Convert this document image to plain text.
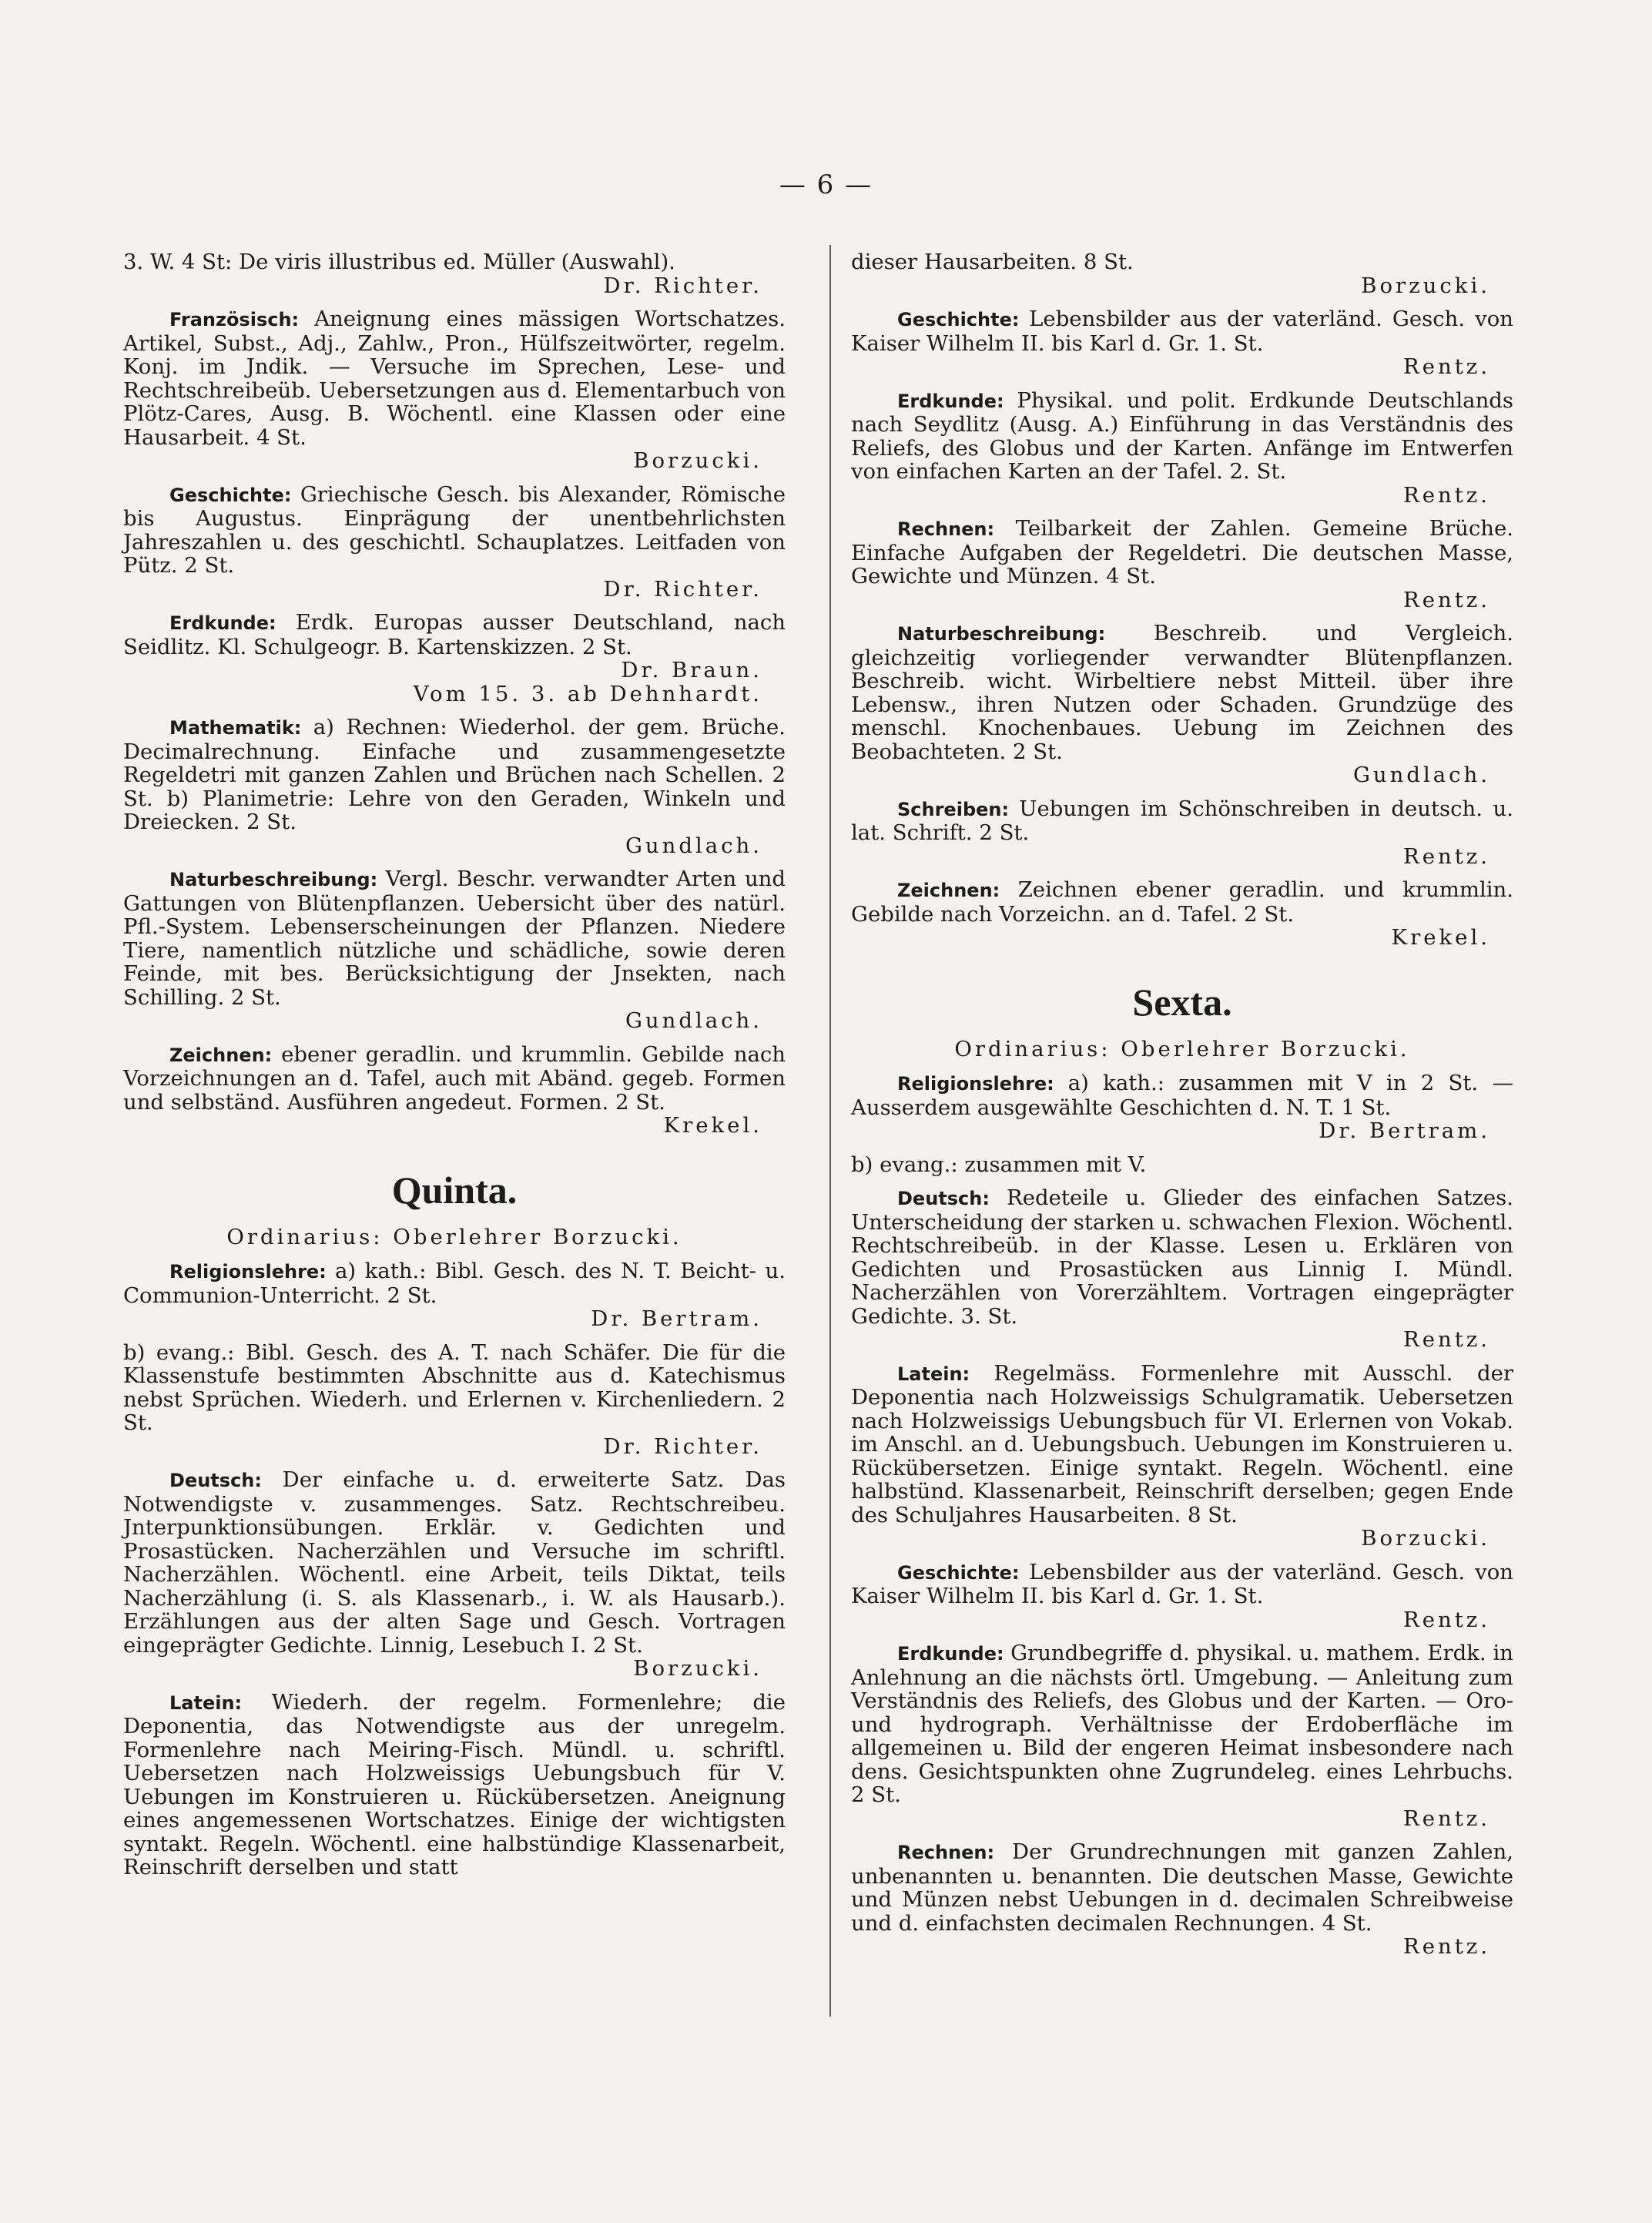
— 6 —

3. W. 4 St: De viris illustribus ed. Müller (Auswahl).
Dr. Richter.

Französisch: Aneignung eines mässigen Wortschatzes. Artikel, Subst., Adj., Zahlw., Pron., Hülfszeitwörter, regelm. Konj. im Jndik. — Versuche im Sprechen, Lese- und Rechtschreibeüb. Uebersetzungen aus d. Elementarbuch von Plötz-Cares, Ausg. B. Wöchentl. eine Klassen oder eine Hausarbeit. 4 St.
Borzucki.

Geschichte: Griechische Gesch. bis Alexander, Römische bis Augustus. Einprägung der unentbehrlichsten Jahreszahlen u. des geschichtl. Schauplatzes. Leitfaden von Pütz. 2 St.
Dr. Richter.

Erdkunde: Erdk. Europas ausser Deutschland, nach Seidlitz. Kl. Schulgeogr. B. Kartenskizzen. 2 St.
Dr. Braun.
Vom 15. 3. ab Dehnhardt.

Mathematik: a) Rechnen: Wiederhol. der gem. Brüche. Decimalrechnung. Einfache und zusammengesetzte Regeldetri mit ganzen Zahlen und Brüchen nach Schellen. 2 St. b) Planimetrie: Lehre von den Geraden, Winkeln und Dreiecken. 2 St.
Gundlach.

Naturbeschreibung: Vergl. Beschr. verwandter Arten und Gattungen von Blütenpflanzen. Uebersicht über des natürl. Pfl.-System. Lebenserscheinungen der Pflanzen. Niedere Tiere, namentlich nützliche und schädliche, sowie deren Feinde, mit bes. Berücksichtigung der Jnsekten, nach Schilling. 2 St.
Gundlach.

Zeichnen: ebener geradlin. und krummlin. Gebilde nach Vorzeichnungen an d. Tafel, auch mit Abänd. gegeb. Formen und selbständ. Ausführen angedeut. Formen. 2 St.
Krekel.

Quinta.
Ordinarius: Oberlehrer Borzucki.

Religionslehre: a) kath.: Bibl. Gesch. des N. T. Beicht- u. Communion-Unterricht. 2 St.
Dr. Bertram.

b) evang.: Bibl. Gesch. des A. T. nach Schäfer. Die für die Klassenstufe bestimmten Abschnitte aus d. Katechismus nebst Sprüchen. Wiederh. und Erlernen v. Kirchenliedern. 2 St.
Dr. Richter.

Deutsch: Der einfache u. d. erweiterte Satz. Das Notwendigste v. zusammenges. Satz. Rechtschreibeu. Jnterpunktionsübungen. Erklär. v. Gedichten und Prosastücken. Nacherzählen und Versuche im schriftl. Nacherzählen. Wöchentl. eine Arbeit, teils Diktat, teils Nacherzählung (i. S. als Klassenarb., i. W. als Hausarb.). Erzählungen aus der alten Sage und Gesch. Vortragen eingeprägter Gedichte. Linnig, Lesebuch I. 2 St.
Borzucki.

Latein: Wiederh. der regelm. Formenlehre; die Deponentia, das Notwendigste aus der unregelm. Formenlehre nach Meiring-Fisch. Mündl. u. schriftl. Uebersetzen nach Holzweissigs Uebungsbuch für V. Uebungen im Konstruieren u. Rückübersetzen. Aneignung eines angemessenen Wortschatzes. Einige der wichtigsten syntakt. Regeln. Wöchentl. eine halbstündige Klassenarbeit, Reinschrift derselben und statt

dieser Hausarbeiten. 8 St.
Borzucki.

Geschichte: Lebensbilder aus der vaterländ. Gesch. von Kaiser Wilhelm II. bis Karl d. Gr. 1. St.
Rentz.

Erdkunde: Physikal. und polit. Erdkunde Deutschlands nach Seydlitz (Ausg. A.) Einführung in das Verständnis des Reliefs, des Globus und der Karten. Anfänge im Entwerfen von einfachen Karten an der Tafel. 2. St.
Rentz.

Rechnen: Teilbarkeit der Zahlen. Gemeine Brüche. Einfache Aufgaben der Regeldetri. Die deutschen Masse, Gewichte und Münzen. 4 St.
Rentz.

Naturbeschreibung: Beschreib. und Vergleich. gleichzeitig vorliegender verwandter Blütenpflanzen. Beschreib. wicht. Wirbeltiere nebst Mitteil. über ihre Lebensw., ihren Nutzen oder Schaden. Grundzüge des menschl. Knochenbaues. Uebung im Zeichnen des Beobachteten. 2 St.
Gundlach.

Schreiben: Uebungen im Schönschreiben in deutsch. u. lat. Schrift. 2 St.
Rentz.

Zeichnen: Zeichnen ebener geradlin. und krummlin. Gebilde nach Vorzeichn. an d. Tafel. 2 St.
Krekel.

Sexta.
Ordinarius: Oberlehrer Borzucki.

Religionslehre: a) kath.: zusammen mit V in 2 St. — Ausserdem ausgewählte Geschichten d. N. T. 1 St.
Dr. Bertram.

b) evang.: zusammen mit V.

Deutsch: Redeteile u. Glieder des einfachen Satzes. Unterscheidung der starken u. schwachen Flexion. Wöchentl. Rechtschreibeüb. in der Klasse. Lesen u. Erklären von Gedichten und Prosastücken aus Linnig I. Mündl. Nacherzählen von Vorerzähltem. Vortragen eingeprägter Gedichte. 3. St.
Rentz.

Latein: Regelmäss. Formenlehre mit Ausschl. der Deponentia nach Holzweissigs Schulgramatik. Uebersetzen nach Holzweissigs Uebungsbuch für VI. Erlernen von Vokab. im Anschl. an d. Uebungsbuch. Uebungen im Konstruieren u. Rückübersetzen. Einige syntakt. Regeln. Wöchentl. eine halbstünd. Klassenarbeit, Reinschrift derselben; gegen Ende des Schuljahres Hausarbeiten. 8 St.
Borzucki.

Geschichte: Lebensbilder aus der vaterländ. Gesch. von Kaiser Wilhelm II. bis Karl d. Gr. 1. St.
Rentz.

Erdkunde: Grundbegriffe d. physikal. u. mathem. Erdk. in Anlehnung an die nächsts örtl. Umgebung. — Anleitung zum Verständnis des Reliefs, des Globus und der Karten. — Oro- und hydrograph. Verhältnisse der Erdoberfläche im allgemeinen u. Bild der engeren Heimat insbesondere nach dens. Gesichtspunkten ohne Zugrundeleg. eines Lehrbuchs. 2 St.
Rentz.

Rechnen: Der Grundrechnungen mit ganzen Zahlen, unbenannten u. benannten. Die deutschen Masse, Gewichte und Münzen nebst Uebungen in d. decimalen Schreibweise und d. einfachsten decimalen Rechnungen. 4 St.
Rentz.
